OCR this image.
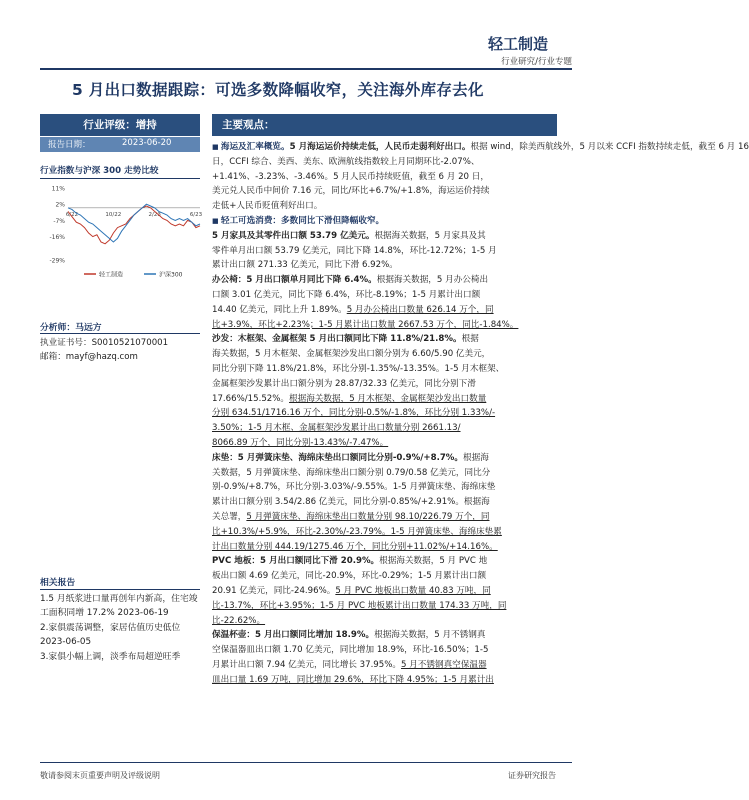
轻工制造
行业研究/行业专题
5 月出口数据跟踪：可选多数降幅收窄，关注海外库存去化
行业评级：增持
报告日期：	2023-06-20
行业指数与沪深 300 走势比较
11%
2%
-7%
-16%
-29%
6/22	10/22	2/23	6/23
轻工制造	沪深300
分析师：马远方
执业证书号：S0010521070001
邮箱：mayf@hazq.com
相关报告
1.5 月纸浆进口量再创年内新高，住宅竣工面积同增 17.2% 2023-06-19
2.家俱震荡调整，家居估值历史低位 2023-06-05
3.家俱小幅上调，淡季布局超逆旺季
主要观点：
■ 海运及汇率概览。5 月海运运价持续走低，人民币走弱利好出口。根据 wind，除美西航线外，5 月以来 CCFI 指数持续走低，截至 6 月 16
日，CCFI 综合、美西、美东、欧洲航线指数较上月同期环比-2.07%、
+1.41%、-3.23%、-3.46%。5 月人民币持续贬值，截至 6 月 20 日，
美元兑人民币中间价 7.16 元，同比/环比+6.7%/+1.8%，海运运价持续
走低+人民币贬值利好出口。
■ 轻工可选消费：多数同比下滑但降幅收窄。
5 月家具及其零件出口额 53.79 亿美元。根据海关数据，5 月家具及其
零件单月出口额 53.79 亿美元，同比下降 14.8%，环比-12.72%；1-5 月
累计出口额 271.33 亿美元，同比下滑 6.92%。
办公椅：5 月出口额单月同比下降 6.4%。根据海关数据，5 月办公椅出
口额 3.01 亿美元，同比下降 6.4%，环比-8.19%；1-5 月累计出口额
14.40 亿美元，同比上升 1.89%。5 月办公椅出口数量 626.14 万个，同
比+3.9%，环比+2.23%；1-5 月累计出口数量 2667.53 万个，同比-1.84%。
沙发：木框架、金属框架 5 月出口额同比下降 11.8%/21.8%。根据
海关数据，5 月木框架、金属框架沙发出口额分别为 6.60/5.90 亿美元，
同比分别下降 11.8%/21.8%，环比分别-1.35%/-13.35%。1-5 月木框架、
金属框架沙发累计出口额分别为 28.87/32.33 亿美元，同比分别下滑
17.66%/15.52%。根据海关数据，5 月木框架、金属框架沙发出口数量
分别 634.51/1716.16 万个，同比分别-0.5%/-1.8%，环比分别 1.33%/-
3.50%；1-5 月木框、金属框架沙发累计出口数量分别 2661.13/
8066.89 万个，同比分别-13.43%/-7.47%。
床垫：5 月弹簧床垫、海绵床垫出口额同比分别-0.9%/+8.7%。根据海
关数据，5 月弹簧床垫、海绵床垫出口额分别 0.79/0.58 亿美元，同比分
别-0.9%/+8.7%，环比分别-3.03%/-9.55%。1-5 月弹簧床垫、海绵床垫
累计出口额分别 3.54/2.86 亿美元，同比分别-0.85%/+2.91%。根据海
关总署，5 月弹簧床垫、海绵床垫出口数量分别 98.10/226.79 万个，同
比+10.3%/+5.9%，环比-2.30%/-23.79%。1-5 月弹簧床垫、海绵床垫累
计出口数量分别 444.19/1275.46 万个，同比分别+11.02%/+14.16%。
PVC 地板：5 月出口额同比下滑 20.9%。根据海关数据，5 月 PVC 地
板出口额 4.69 亿美元，同比-20.9%，环比-0.29%；1-5 月累计出口额
20.91 亿美元，同比-24.96%。5 月 PVC 地板出口数量 40.83 万吨，同
比-13.7%，环比+3.95%；1-5 月 PVC 地板累计出口数量 174.33 万吨，同
比-22.62%。
保温杯壶：5 月出口额同比增加 18.9%。根据海关数据，5 月不锈钢真
空保温器皿出口额 1.70 亿美元，同比增加 18.9%，环比-16.50%；1-5
月累计出口额 7.94 亿美元，同比增长 37.95%。5 月不锈钢真空保温器
皿出口量 1.69 万吨，同比增加 29.6%，环比下降 4.95%；1-5 月累计出
敬请参阅末页重要声明及评级说明	证券研究报告
